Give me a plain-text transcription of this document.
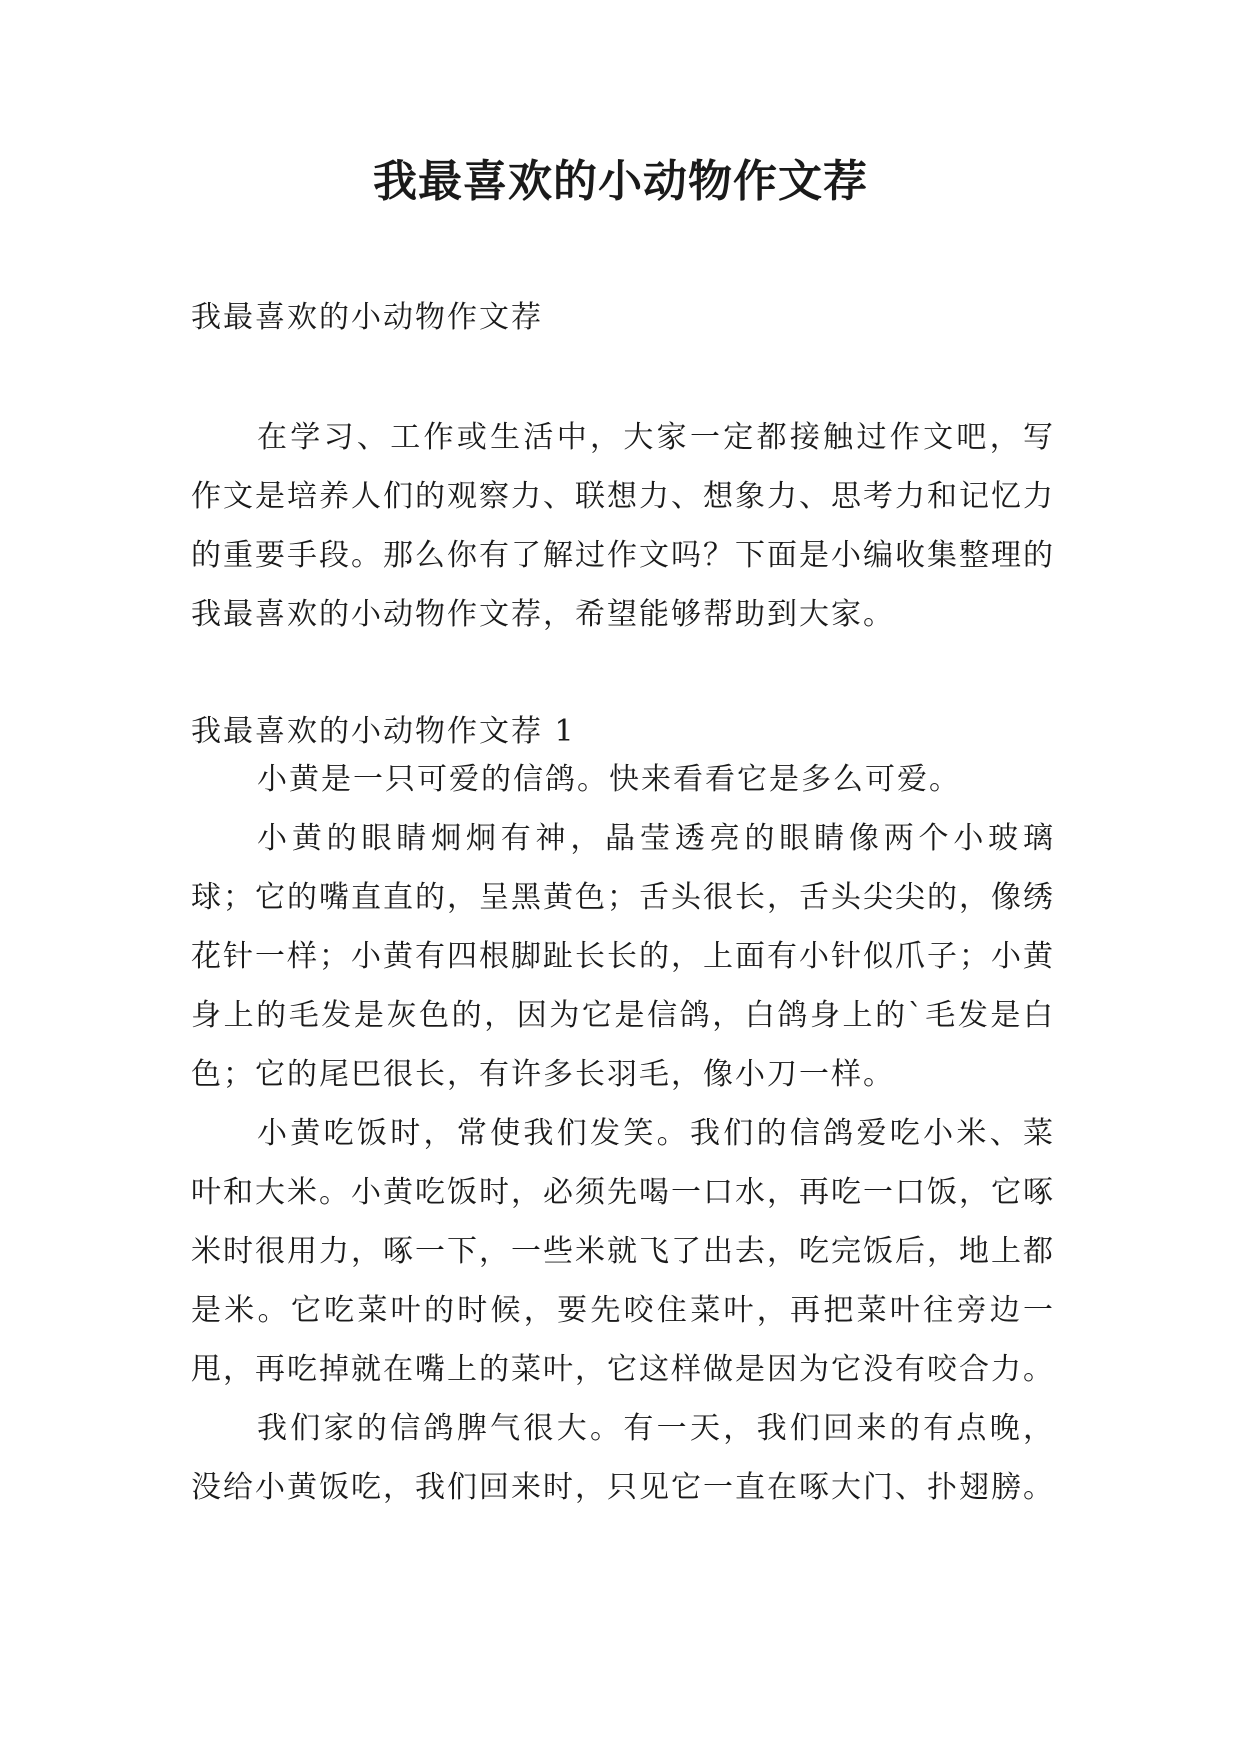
我最喜欢的小动物作文荐

我最喜欢的小动物作文荐

在学习、工作或生活中，大家一定都接触过作文吧，写作文是培养人们的观察力、联想力、想象力、思考力和记忆力的重要手段。那么你有了解过作文吗？下面是小编收集整理的我最喜欢的小动物作文荐，希望能够帮助到大家。

我最喜欢的小动物作文荐 1

小黄是一只可爱的信鸽。快来看看它是多么可爱。

小黄的眼睛炯炯有神，晶莹透亮的眼睛像两个小玻璃球；它的嘴直直的，呈黑黄色；舌头很长，舌头尖尖的，像绣花针一样；小黄有四根脚趾长长的，上面有小针似爪子；小黄身上的毛发是灰色的，因为它是信鸽，白鸽身上的`毛发是白色；它的尾巴很长，有许多长羽毛，像小刀一样。

小黄吃饭时，常使我们发笑。我们的信鸽爱吃小米、菜叶和大米。小黄吃饭时，必须先喝一口水，再吃一口饭，它啄米时很用力，啄一下，一些米就飞了出去，吃完饭后，地上都是米。它吃菜叶的时候，要先咬住菜叶，再把菜叶往旁边一甩，再吃掉就在嘴上的菜叶，它这样做是因为它没有咬合力。

我们家的信鸽脾气很大。有一天，我们回来的有点晚，没给小黄饭吃，我们回来时，只见它一直在啄大门、扑翅膀。
